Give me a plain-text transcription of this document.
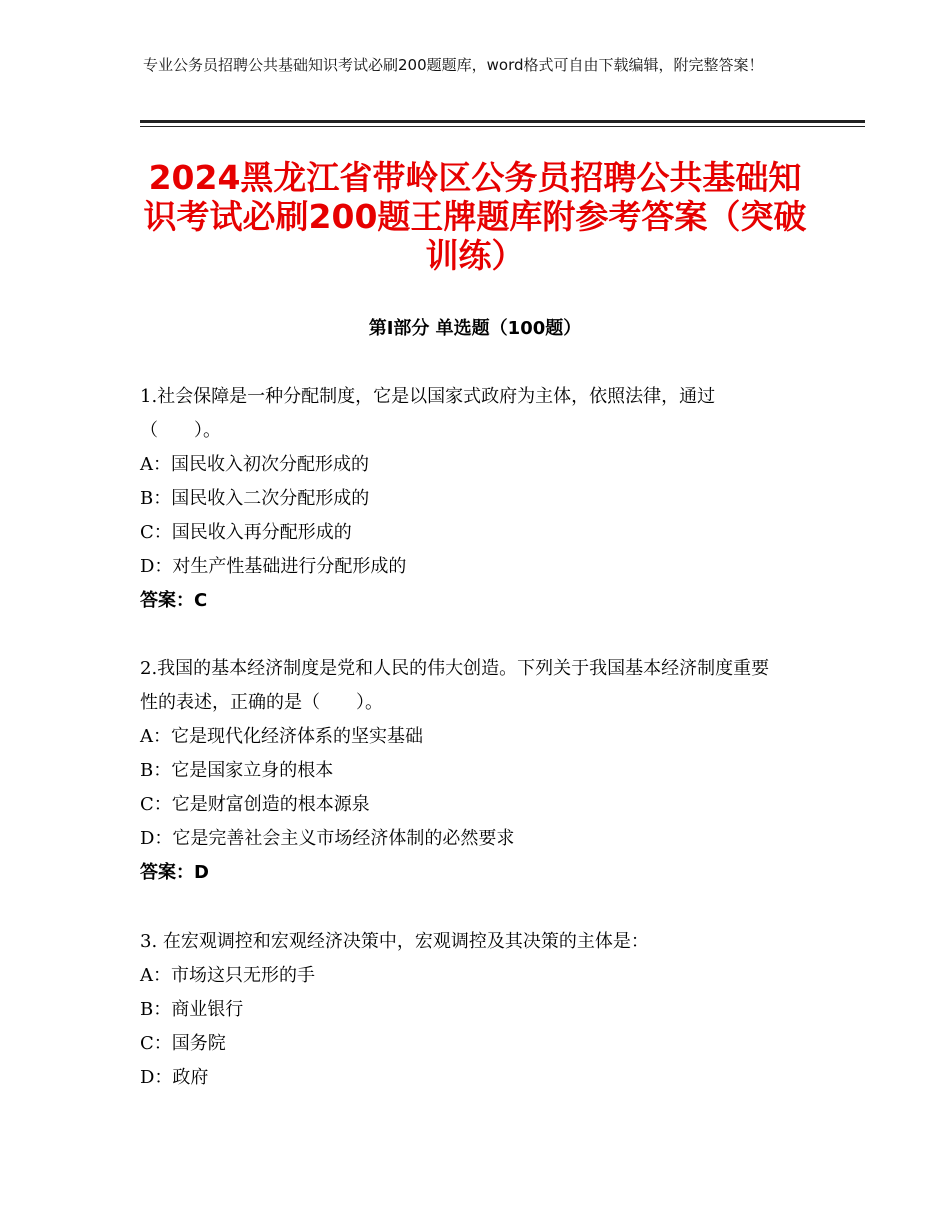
专业公务员招聘公共基础知识考试必刷200题题库，word格式可自由下载编辑，附完整答案！
2024黑龙江省带岭区公务员招聘公共基础知识考试必刷200题王牌题库附参考答案（突破训练）
第Ⅰ部分 单选题（100题）

1.社会保障是一种分配制度，它是以国家式政府为主体，依照法律，通过（　　）。

A：国民收入初次分配形成的

B：国民收入二次分配形成的

C：国民收入再分配形成的

D：对生产性基础进行分配形成的

答案：C

2.我国的基本经济制度是党和人民的伟大创造。下列关于我国基本经济制度重要性的表述，正确的是（　　）。

A：它是现代化经济体系的坚实基础

B：它是国家立身的根本

C：它是财富创造的根本源泉

D：它是完善社会主义市场经济体制的必然要求

答案：D

3. 在宏观调控和宏观经济决策中，宏观调控及其决策的主体是：

A：市场这只无形的手

B：商业银行

C：国务院

D：政府
